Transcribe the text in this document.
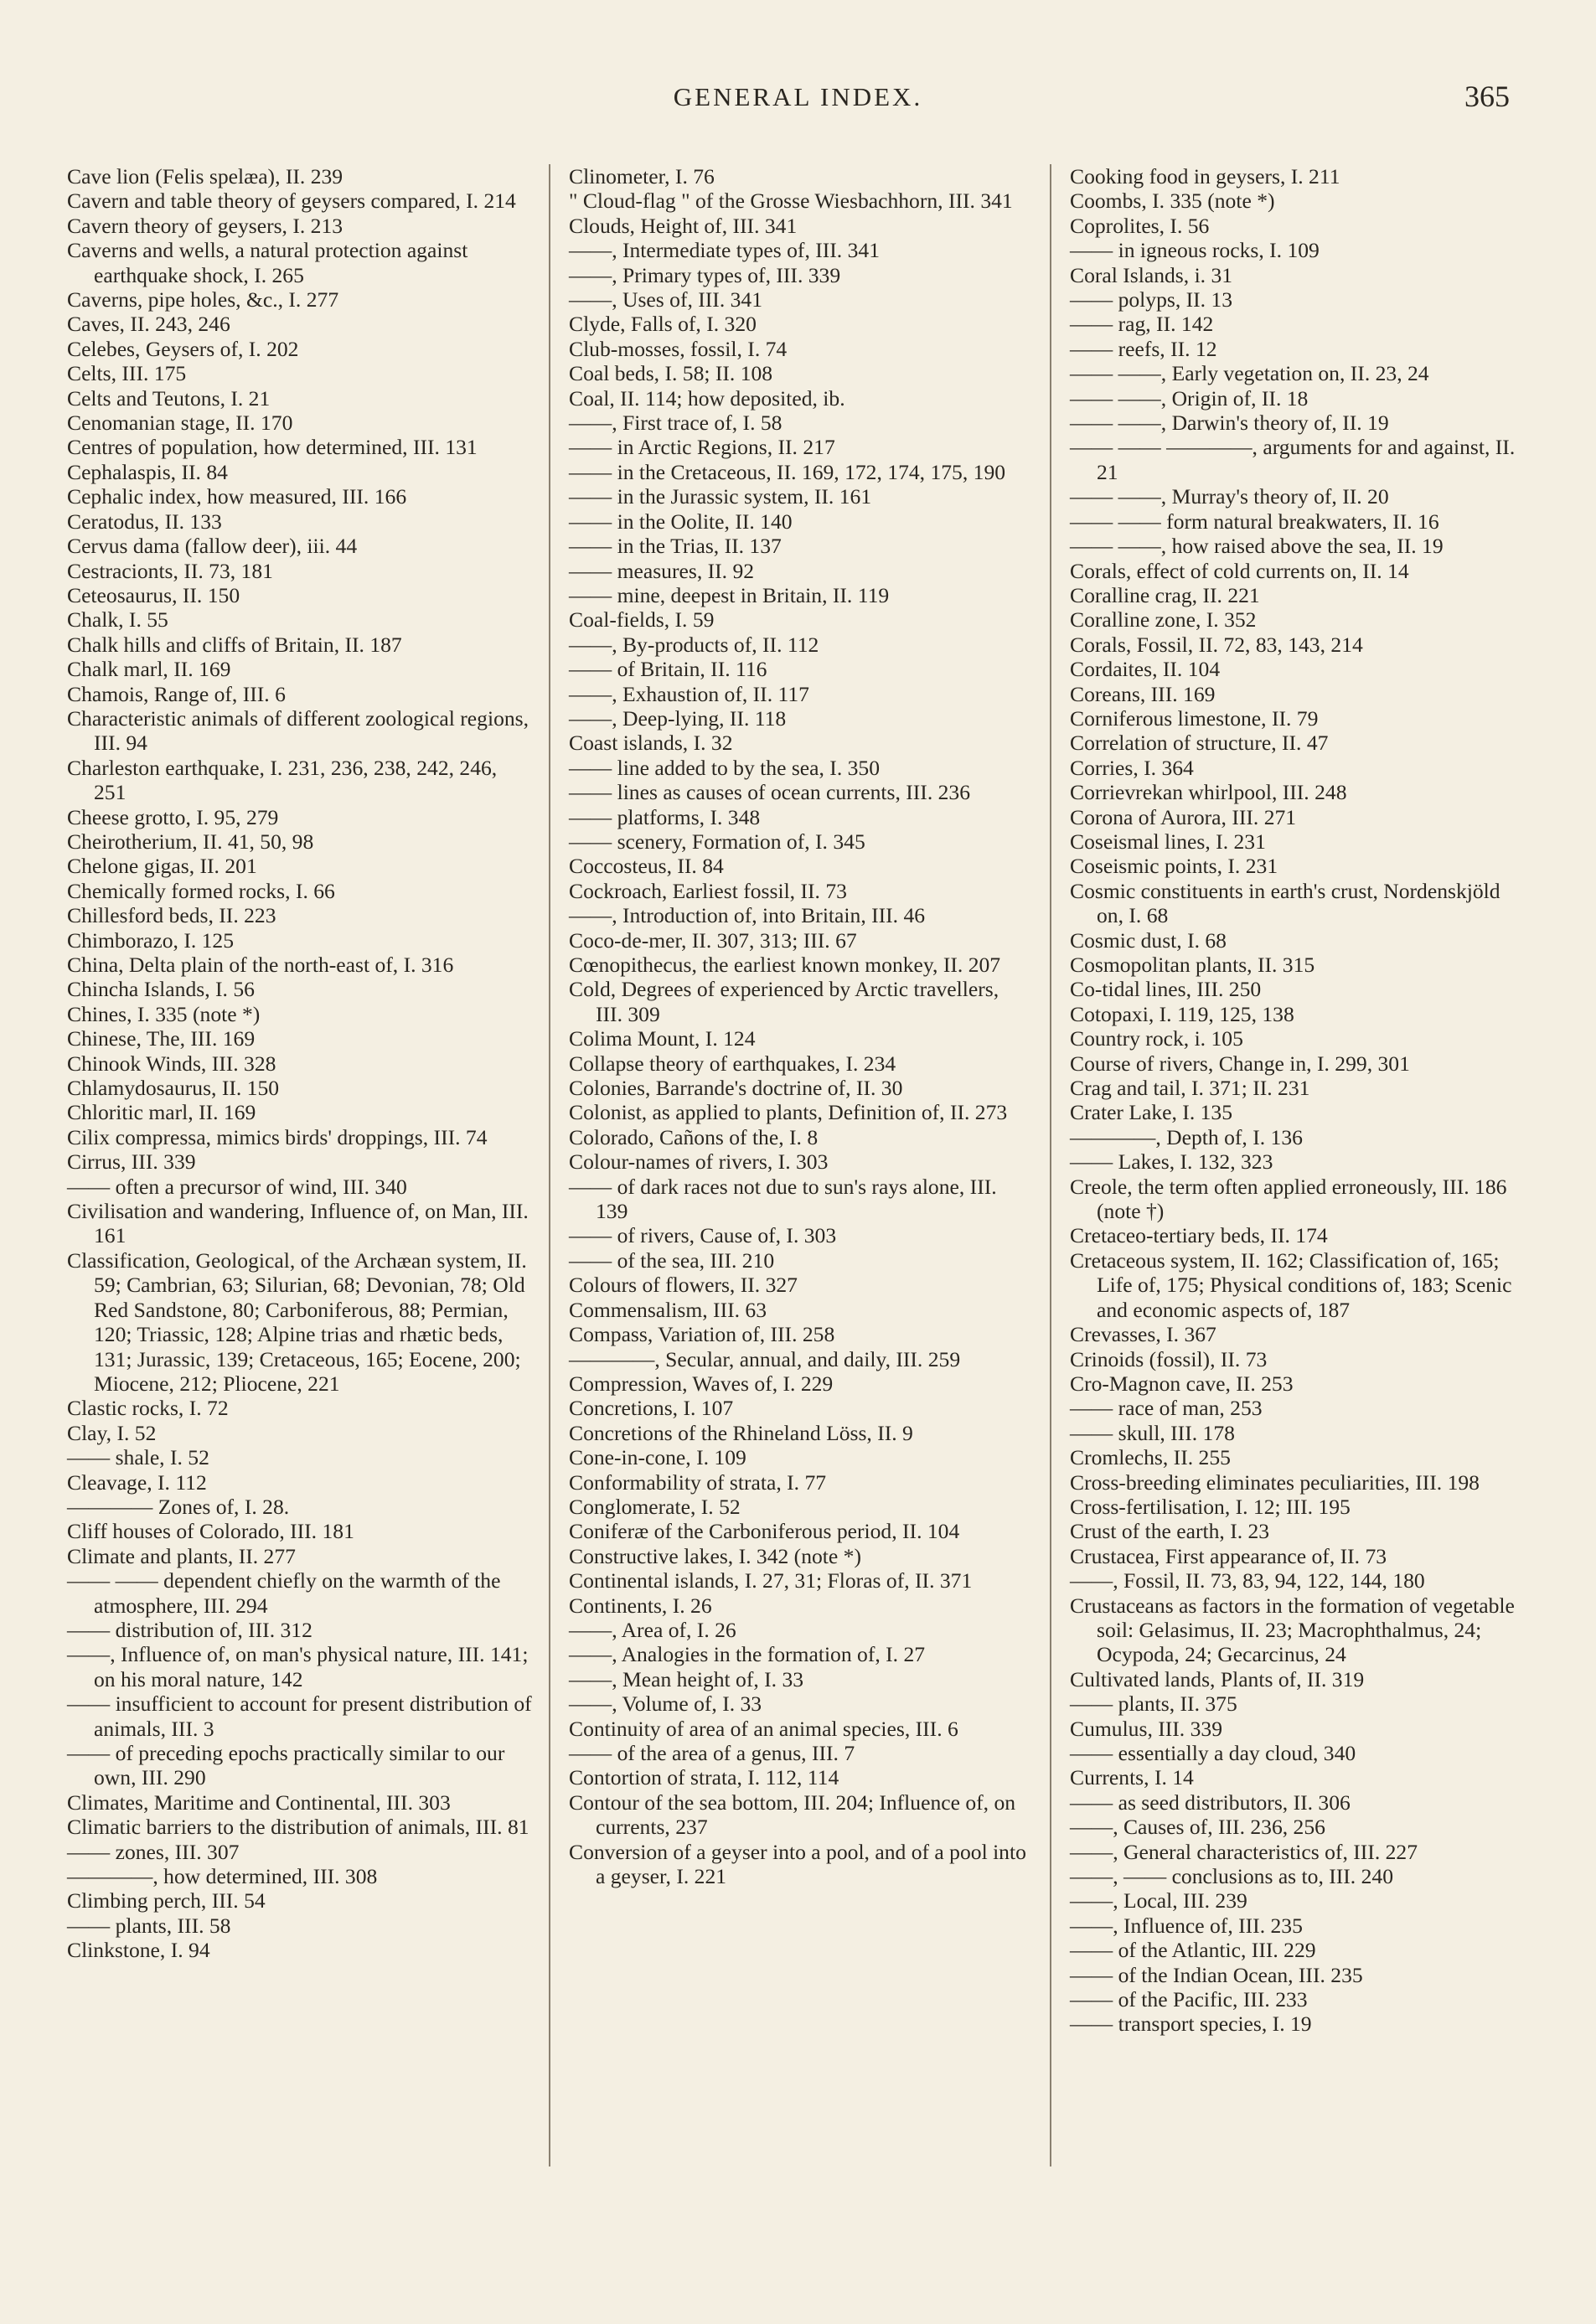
GENERAL INDEX.	365

Cave lion (Felis spelæa), II. 239

Cavern and table theory of geysers compared, I. 214

Cavern theory of geysers, I. 213

Caverns and wells, a natural protection against earthquake shock, I. 265

Caverns, pipe holes, &c., I. 277

Caves, II. 243, 246

Celebes, Geysers of, I. 202

Celts, III. 175

Celts and Teutons, I. 21

Cenomanian stage, II. 170

Centres of population, how determined, III. 131

Cephalaspis, II. 84

Cephalic index, how measured, III. 166

Ceratodus, II. 133

Cervus dama (fallow deer), iii. 44

Cestracionts, II. 73, 181

Ceteosaurus, II. 150

Chalk, I. 55

Chalk hills and cliffs of Britain, II. 187

Chalk marl, II. 169

Chamois, Range of, III. 6

Characteristic animals of different zoological regions, III. 94

Charleston earthquake, I. 231, 236, 238, 242, 246, 251

Cheese grotto, I. 95, 279

Cheirotherium, II. 41, 50, 98

Chelone gigas, II. 201

Chemically formed rocks, I. 66

Chillesford beds, II. 223

Chimborazo, I. 125

China, Delta plain of the north-east of, I. 316

Chincha Islands, I. 56

Chines, I. 335 (note *)

Chinese, The, III. 169

Chinook Winds, III. 328

Chlamydosaurus, II. 150

Chloritic marl, II. 169

Cilix compressa, mimics birds' droppings, III. 74

Cirrus, III. 339

—— often a precursor of wind, III. 340

Civilisation and wandering, Influence of, on Man, III. 161

Classification, Geological, of the Archæan system, II. 59; Cambrian, 63; Silurian, 68; Devonian, 78; Old Red Sandstone, 80; Carboniferous, 88; Permian, 120; Triassic, 128; Alpine trias and rhætic beds, 131; Jurassic, 139; Cretaceous, 165; Eocene, 200; Miocene, 212; Pliocene, 221

Clastic rocks, I. 72

Clay, I. 52

—— shale, I. 52

Cleavage, I. 112

———— Zones of, I. 28.

Cliff houses of Colorado, III. 181

Climate and plants, II. 277

—— —— dependent chiefly on the warmth of the atmosphere, III. 294

—— distribution of, III. 312

——, Influence of, on man's physical nature, III. 141; on his moral nature, 142

—— insufficient to account for present distribution of animals, III. 3

—— of preceding epochs practically similar to our own, III. 290

Climates, Maritime and Continental, III. 303

Climatic barriers to the distribution of animals, III. 81

—— zones, III. 307

————, how determined, III. 308

Climbing perch, III. 54

—— plants, III. 58

Clinkstone, I. 94

Clinometer, I. 76

" Cloud-flag " of the Grosse Wiesbachhorn, III. 341

Clouds, Height of, III. 341

——, Intermediate types of, III. 341

——, Primary types of, III. 339

——, Uses of, III. 341

Clyde, Falls of, I. 320

Club-mosses, fossil, I. 74

Coal beds, I. 58; II. 108

Coal, II. 114; how deposited, ib.

——, First trace of, I. 58

—— in Arctic Regions, II. 217

—— in the Cretaceous, II. 169, 172, 174, 175, 190

—— in the Jurassic system, II. 161

—— in the Oolite, II. 140

—— in the Trias, II. 137

—— measures, II. 92

—— mine, deepest in Britain, II. 119

Coal-fields, I. 59

——, By-products of, II. 112

—— of Britain, II. 116

——, Exhaustion of, II. 117

——, Deep-lying, II. 118

Coast islands, I. 32

—— line added to by the sea, I. 350

—— lines as causes of ocean currents, III. 236

—— platforms, I. 348

—— scenery, Formation of, I. 345

Coccosteus, II. 84

Cockroach, Earliest fossil, II. 73

——, Introduction of, into Britain, III. 46

Coco-de-mer, II. 307, 313; III. 67

Cœnopithecus, the earliest known monkey, II. 207

Cold, Degrees of experienced by Arctic travellers, III. 309

Colima Mount, I. 124

Collapse theory of earthquakes, I. 234

Colonies, Barrande's doctrine of, II. 30

Colonist, as applied to plants, Definition of, II. 273

Colorado, Cañons of the, I. 8

Colour-names of rivers, I. 303

—— of dark races not due to sun's rays alone, III. 139

—— of rivers, Cause of, I. 303

—— of the sea, III. 210

Colours of flowers, II. 327

Commensalism, III. 63

Compass, Variation of, III. 258

————, Secular, annual, and daily, III. 259

Compression, Waves of, I. 229

Concretions, I. 107

Concretions of the Rhineland Löss, II. 9

Cone-in-cone, I. 109

Conformability of strata, I. 77

Conglomerate, I. 52

Coniferæ of the Carboniferous period, II. 104

Constructive lakes, I. 342 (note *)

Continental islands, I. 27, 31; Floras of, II. 371

Continents, I. 26

——, Area of, I. 26

——, Analogies in the formation of, I. 27

——, Mean height of, I. 33

——, Volume of, I. 33

Continuity of area of an animal species, III. 6

—— of the area of a genus, III. 7

Contortion of strata, I. 112, 114

Contour of the sea bottom, III. 204; Influence of, on currents, 237

Conversion of a geyser into a pool, and of a pool into a geyser, I. 221

Cooking food in geysers, I. 211

Coombs, I. 335 (note *)

Coprolites, I. 56

—— in igneous rocks, I. 109

Coral Islands, i. 31

—— polyps, II. 13

—— rag, II. 142

—— reefs, II. 12

—— ——, Early vegetation on, II. 23, 24

—— ——, Origin of, II. 18

—— ——, Darwin's theory of, II. 19

—— —— ————, arguments for and against, II. 21

—— ——, Murray's theory of, II. 20

—— —— form natural breakwaters, II. 16

—— ——, how raised above the sea, II. 19

Corals, effect of cold currents on, II. 14

Coralline crag, II. 221

Coralline zone, I. 352

Corals, Fossil, II. 72, 83, 143, 214

Cordaites, II. 104

Coreans, III. 169

Corniferous limestone, II. 79

Correlation of structure, II. 47

Corries, I. 364

Corrievrekan whirlpool, III. 248

Corona of Aurora, III. 271

Coseismal lines, I. 231

Coseismic points, I. 231

Cosmic constituents in earth's crust, Nordenskjöld on, I. 68

Cosmic dust, I. 68

Cosmopolitan plants, II. 315

Co-tidal lines, III. 250

Cotopaxi, I. 119, 125, 138

Country rock, i. 105

Course of rivers, Change in, I. 299, 301

Crag and tail, I. 371; II. 231

Crater Lake, I. 135

————, Depth of, I. 136

—— Lakes, I. 132, 323

Creole, the term often applied erroneously, III. 186 (note †)

Cretaceo-tertiary beds, II. 174

Cretaceous system, II. 162; Classification of, 165; Life of, 175; Physical conditions of, 183; Scenic and economic aspects of, 187

Crevasses, I. 367

Crinoids (fossil), II. 73

Cro-Magnon cave, II. 253

—— race of man, 253

—— skull, III. 178

Cromlechs, II. 255

Cross-breeding eliminates peculiarities, III. 198

Cross-fertilisation, I. 12; III. 195

Crust of the earth, I. 23

Crustacea, First appearance of, II. 73

——, Fossil, II. 73, 83, 94, 122, 144, 180

Crustaceans as factors in the formation of vegetable soil: Gelasimus, II. 23; Macrophthalmus, 24; Ocypoda, 24; Gecarcinus, 24

Cultivated lands, Plants of, II. 319

—— plants, II. 375

Cumulus, III. 339

—— essentially a day cloud, 340

Currents, I. 14

—— as seed distributors, II. 306

——, Causes of, III. 236, 256

——, General characteristics of, III. 227

——, —— conclusions as to, III. 240

——, Local, III. 239

——, Influence of, III. 235

—— of the Atlantic, III. 229

—— of the Indian Ocean, III. 235

—— of the Pacific, III. 233

—— transport species, I. 19
